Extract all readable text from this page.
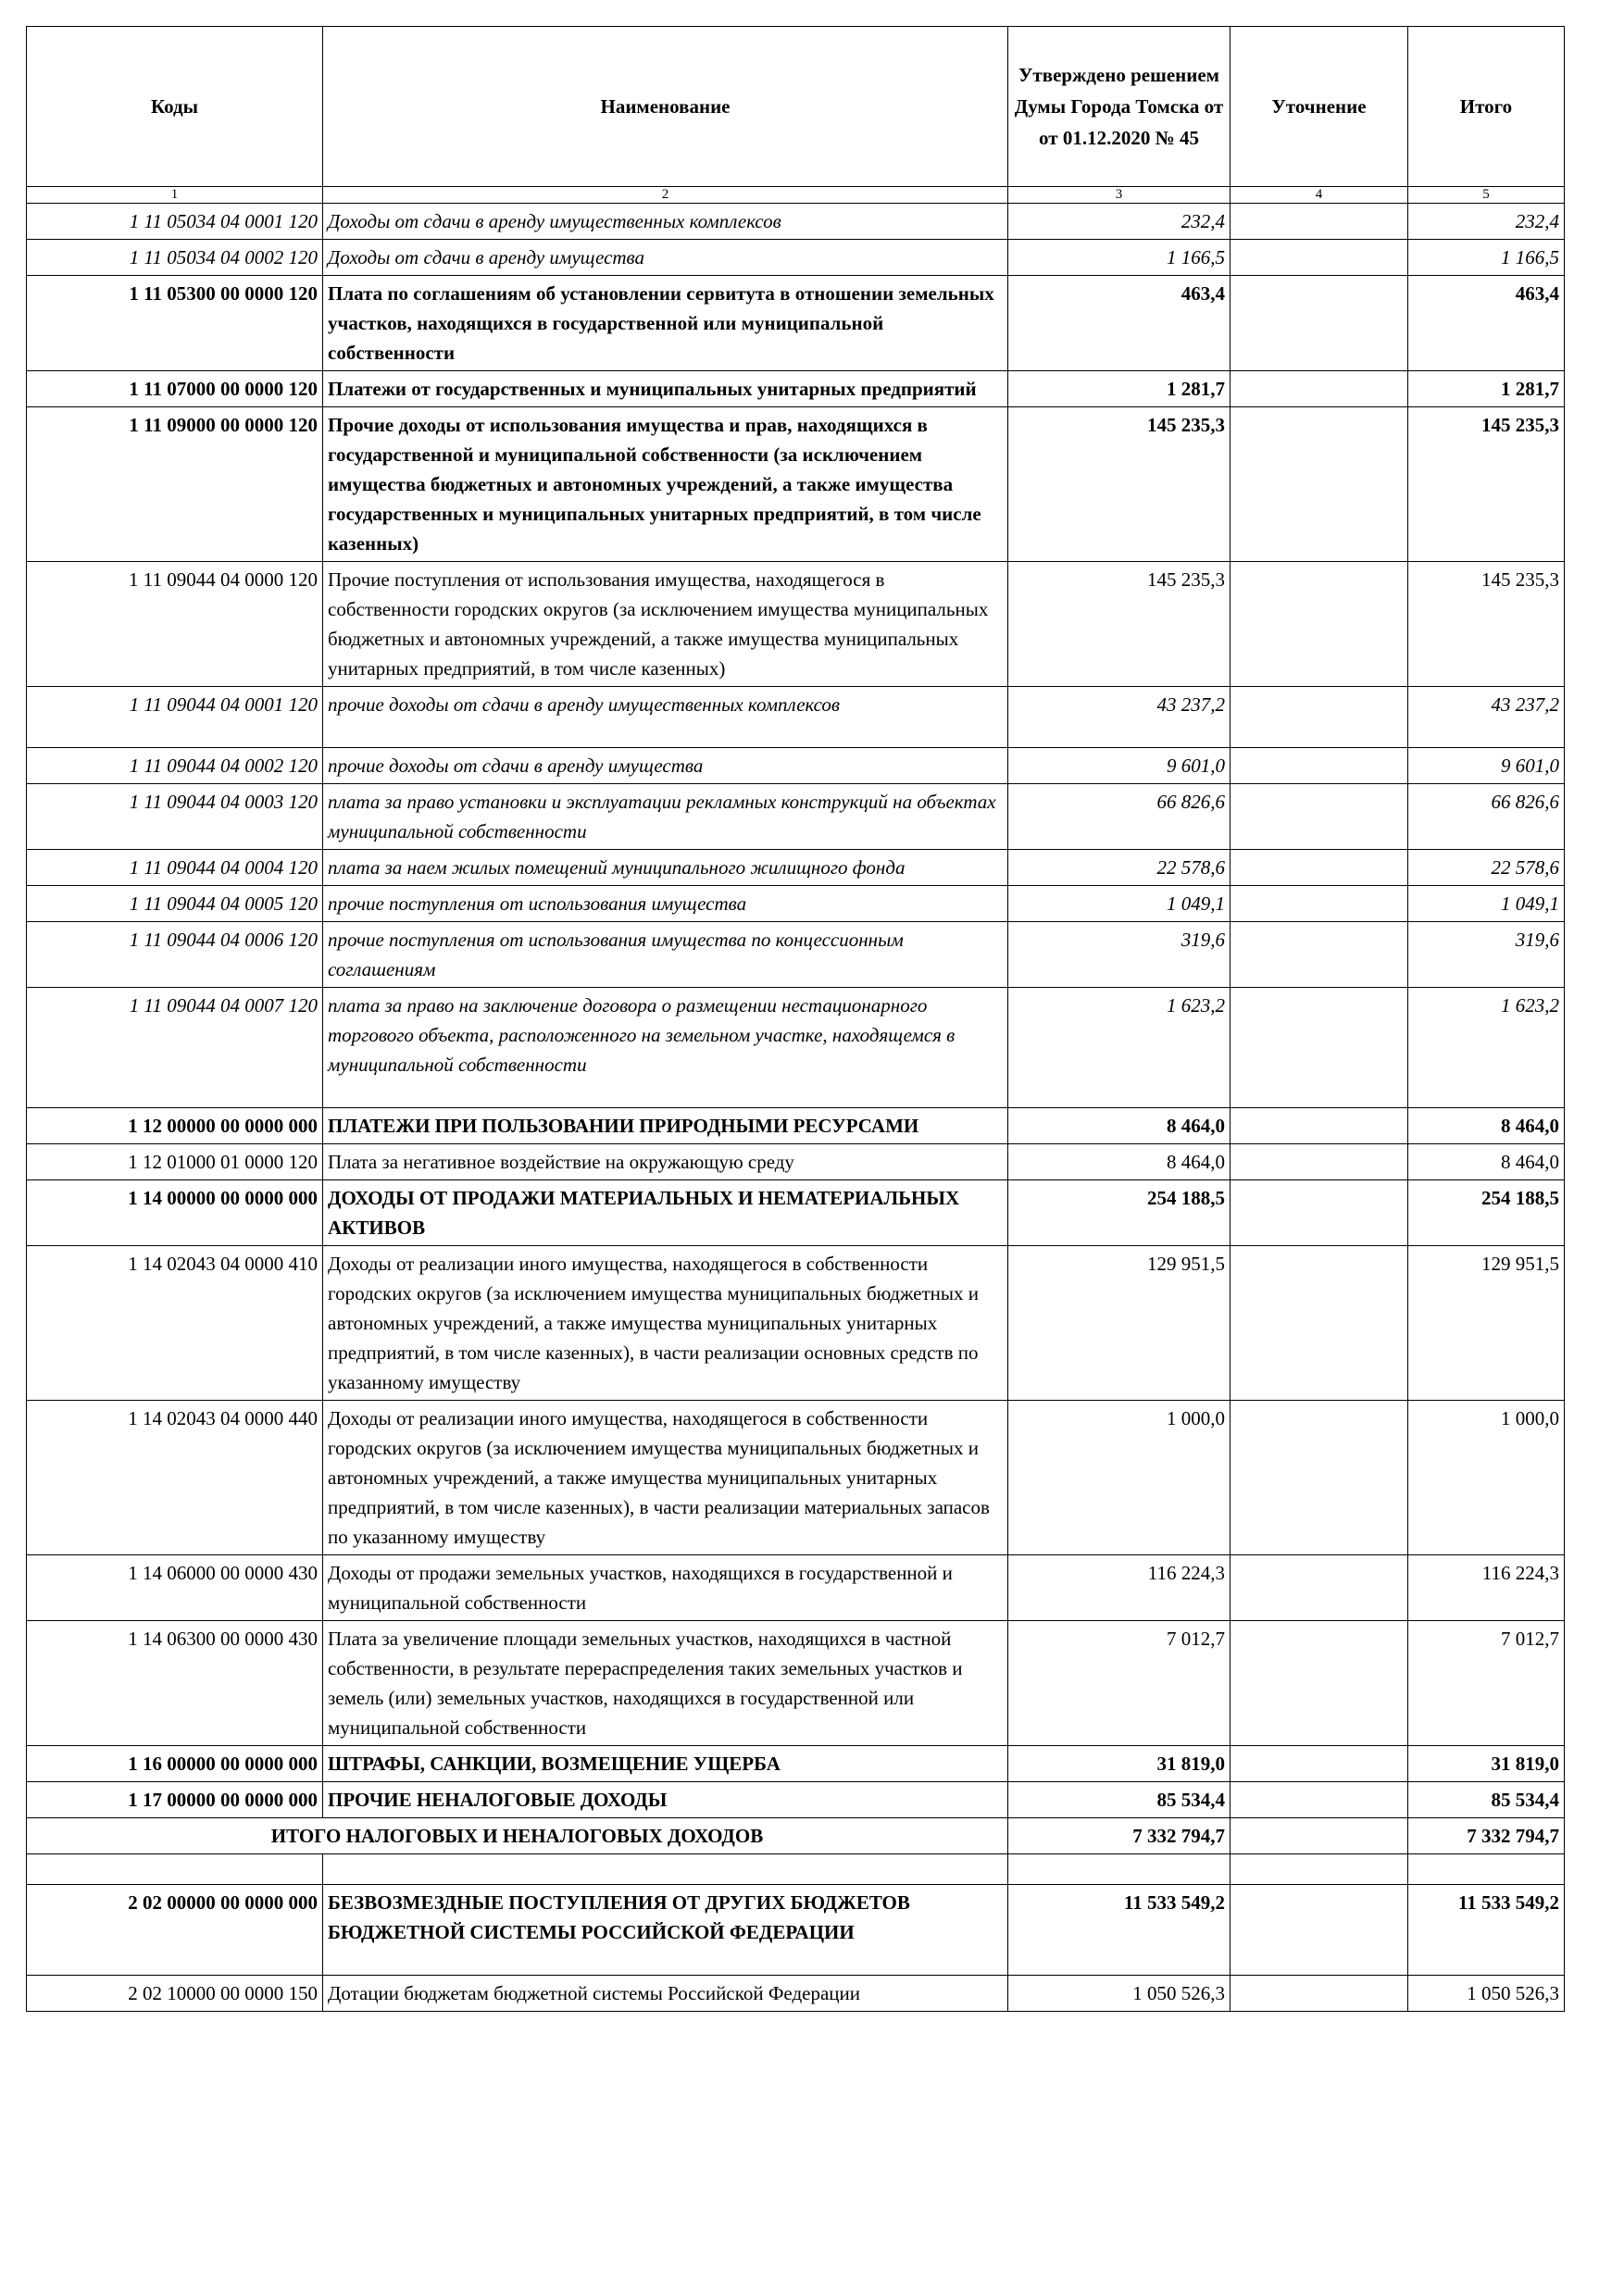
Коды	Наименование	Утверждено решением Думы Города Томска от от 01.12.2020 № 45	Уточнение	Итого
1	2	3	4	5
1 11 05034 04 0001 120	Доходы от сдачи в аренду имущественных комплексов	232,4		232,4
1 11 05034 04 0002 120	Доходы от сдачи в аренду имущества	1 166,5		1 166,5
1 11 05300 00 0000 120	Плата по соглашениям об установлении сервитута в отношении земельных участков, находящихся в государственной или муниципальной собственности	463,4		463,4
1 11 07000 00 0000 120	Платежи от государственных и муниципальных унитарных предприятий	1 281,7		1 281,7
1 11 09000 00 0000 120	Прочие доходы от использования имущества и прав, находящихся в государственной и муниципальной собственности (за исключением имущества бюджетных и автономных учреждений, а также имущества государственных и муниципальных унитарных предприятий, в том числе казенных)	145 235,3		145 235,3
1 11 09044 04 0000 120	Прочие поступления от использования имущества, находящегося в собственности городских округов (за исключением имущества муниципальных бюджетных и автономных учреждений, а также имущества муниципальных унитарных предприятий, в том числе казенных)	145 235,3		145 235,3
1 11 09044 04 0001 120	прочие доходы от сдачи в аренду имущественных комплексов	43 237,2		43 237,2
1 11 09044 04 0002 120	прочие доходы от сдачи в аренду имущества	9 601,0		9 601,0
1 11 09044 04 0003 120	плата за право установки и эксплуатации рекламных конструкций на объектах муниципальной собственности	66 826,6		66 826,6
1 11 09044 04 0004 120	плата за наем жилых помещений муниципального жилищного фонда	22 578,6		22 578,6
1 11 09044 04 0005 120	прочие поступления от использования имущества	1 049,1		1 049,1
1 11 09044 04 0006 120	прочие поступления от использования имущества по концессионным соглашениям	319,6		319,6
1 11 09044 04 0007 120	плата за право на заключение договора о размещении нестационарного торгового объекта, расположенного на земельном участке, находящемся в муниципальной собственности	1 623,2		1 623,2
1 12 00000 00 0000 000	ПЛАТЕЖИ ПРИ ПОЛЬЗОВАНИИ ПРИРОДНЫМИ РЕСУРСАМИ	8 464,0		8 464,0
1 12 01000 01 0000 120	Плата за негативное воздействие на окружающую среду	8 464,0		8 464,0
1 14 00000 00 0000 000	ДОХОДЫ ОТ ПРОДАЖИ МАТЕРИАЛЬНЫХ И НЕМАТЕРИАЛЬНЫХ АКТИВОВ	254 188,5		254 188,5
1 14 02043 04 0000 410	Доходы от реализации иного имущества, находящегося в собственности городских округов (за исключением имущества муниципальных бюджетных и автономных учреждений, а также имущества муниципальных унитарных предприятий, в том числе казенных), в части реализации основных средств по указанному имуществу	129 951,5		129 951,5
1 14 02043 04 0000 440	Доходы от реализации иного имущества, находящегося в собственности городских округов (за исключением имущества муниципальных бюджетных и автономных учреждений, а также имущества муниципальных унитарных предприятий, в том числе казенных), в части реализации материальных запасов по указанному имуществу	1 000,0		1 000,0
1 14 06000 00 0000 430	Доходы от продажи земельных участков, находящихся в государственной и муниципальной собственности	116 224,3		116 224,3
1 14 06300 00 0000 430	Плата за увеличение площади земельных участков, находящихся в частной собственности, в результате перераспределения таких земельных участков и земель (или) земельных участков, находящихся в государственной или муниципальной собственности	7 012,7		7 012,7
1 16 00000 00 0000 000	ШТРАФЫ, САНКЦИИ, ВОЗМЕЩЕНИЕ УЩЕРБА	31 819,0		31 819,0
1 17 00000 00 0000 000	ПРОЧИЕ НЕНАЛОГОВЫЕ ДОХОДЫ	85 534,4		85 534,4
ИТОГО НАЛОГОВЫХ И НЕНАЛОГОВЫХ ДОХОДОВ		7 332 794,7		7 332 794,7

2 02 00000 00 0000 000	БЕЗВОЗМЕЗДНЫЕ ПОСТУПЛЕНИЯ ОТ ДРУГИХ БЮДЖЕТОВ БЮДЖЕТНОЙ СИСТЕМЫ РОССИЙСКОЙ ФЕДЕРАЦИИ	11 533 549,2		11 533 549,2
2 02 10000 00 0000 150	Дотации бюджетам бюджетной системы Российской Федерации	1 050 526,3		1 050 526,3
